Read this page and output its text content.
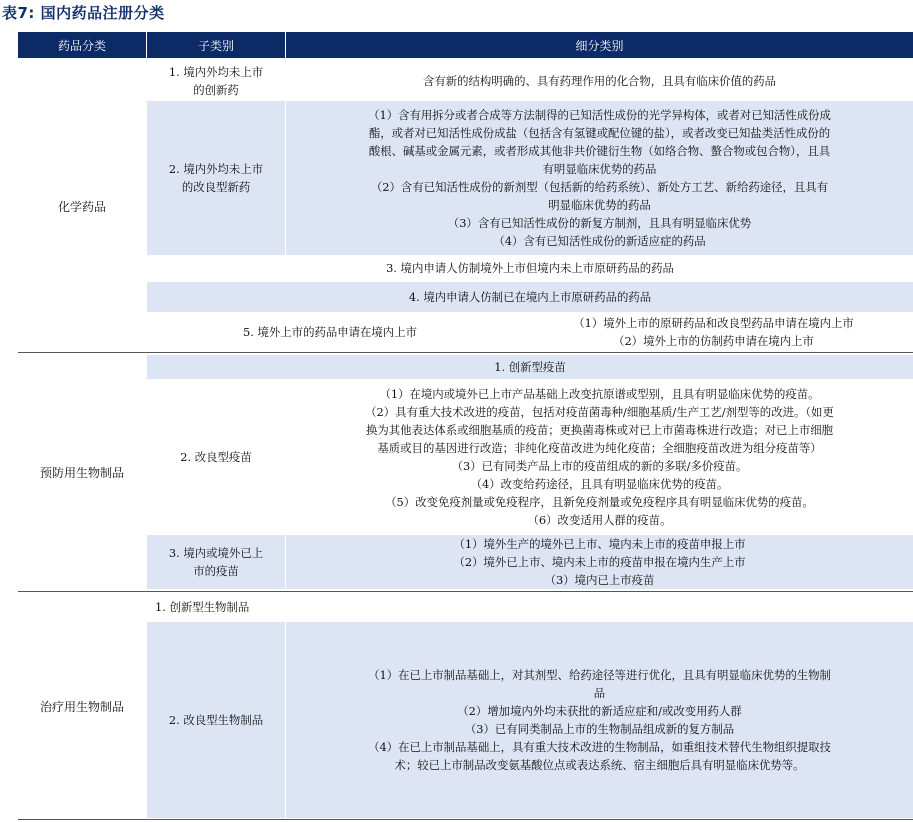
表7: 国内药品注册分类
药品分类	子类别	细分类别
化学药品
1. 境内外均未上市
的创新药
含有新的结构明确的、具有药理作用的化合物，且具有临床价值的药品
2. 境内外均未上市
的改良型新药
（1）含有用拆分或者合成等方法制得的已知活性成份的光学异构体，或者对已知活性成份成
酯，或者对已知活性成份成盐（包括含有氢键或配位键的盐），或者改变已知盐类活性成份的
酸根、碱基或金属元素，或者形成其他非共价键衍生物（如络合物、螯合物或包合物），且具
有明显临床优势的药品
（2）含有已知活性成份的新剂型（包括新的给药系统）、新处方工艺、新给药途径，且具有
明显临床优势的药品
（3）含有已知活性成份的新复方制剂，且具有明显临床优势
（4）含有已知活性成份的新适应症的药品
3. 境内申请人仿制境外上市但境内未上市原研药品的药品
4. 境内申请人仿制已在境内上市原研药品的药品
5. 境外上市的药品申请在境内上市
（1）境外上市的原研药品和改良型药品申请在境内上市
（2）境外上市的仿制药申请在境内上市
预防用生物制品
1. 创新型疫苗
2. 改良型疫苗
（1）在境内或境外已上市产品基础上改变抗原谱或型别，且具有明显临床优势的疫苗。
（2）具有重大技术改进的疫苗，包括对疫苗菌毒种/细胞基质/生产工艺/剂型等的改进。（如更
换为其他表达体系或细胞基质的疫苗；更换菌毒株或对已上市菌毒株进行改造；对已上市细胞
基质或目的基因进行改造；非纯化疫苗改进为纯化疫苗；全细胞疫苗改进为组分疫苗等）
（3）已有同类产品上市的疫苗组成的新的多联/多价疫苗。
（4）改变给药途径，且具有明显临床优势的疫苗。
（5）改变免疫剂量或免疫程序，且新免疫剂量或免疫程序具有明显临床优势的疫苗。
（6）改变适用人群的疫苗。
3. 境内或境外已上
市的疫苗
（1）境外生产的境外已上市、境内未上市的疫苗申报上市
（2）境外已上市、境内未上市的疫苗申报在境内生产上市
（3）境内已上市疫苗
治疗用生物制品
1. 创新型生物制品
2. 改良型生物制品
（1）在已上市制品基础上，对其剂型、给药途径等进行优化，且具有明显临床优势的生物制
品
（2）增加境内外均未获批的新适应症和/或改变用药人群
（3）已有同类制品上市的生物制品组成新的复方制品
（4）在已上市制品基础上，具有重大技术改进的生物制品，如重组技术替代生物组织提取技
术；较已上市制品改变氨基酸位点或表达系统、宿主细胞后具有明显临床优势等。
